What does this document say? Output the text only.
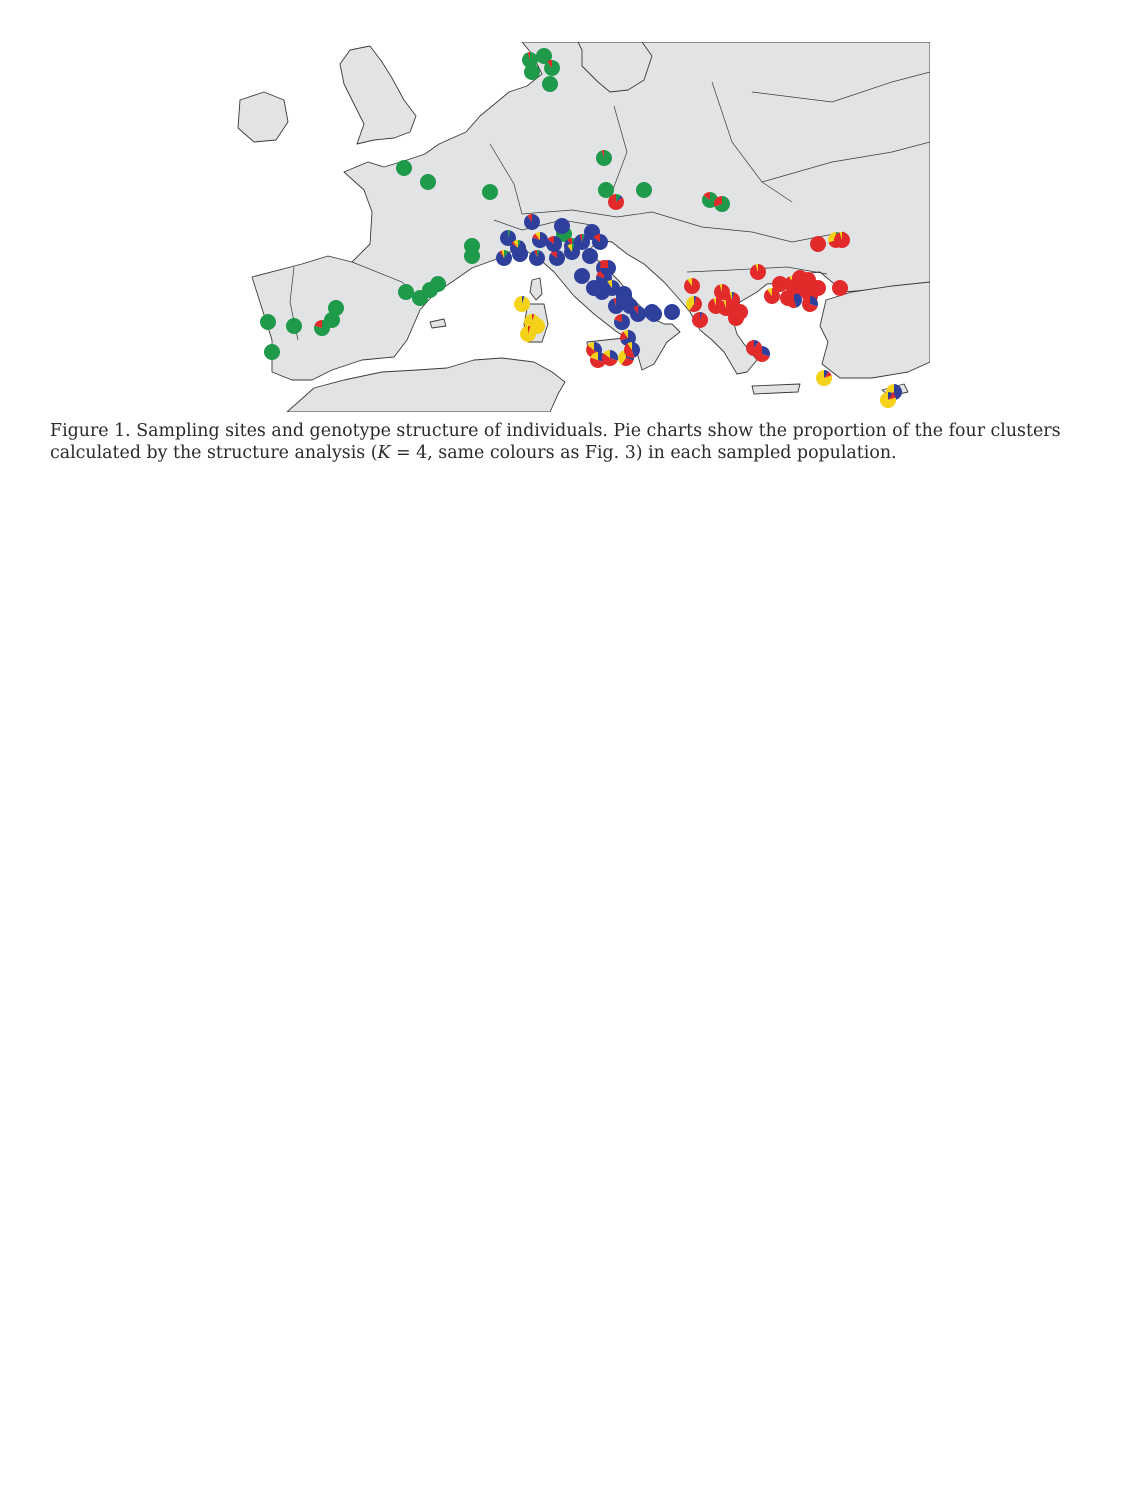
Figure 1. Sampling sites and genotype structure of individuals. Pie charts show the proportion of the four clusters calculated by the structure analysis (K = 4, same colours as Fig. 3) in each sampled population.
